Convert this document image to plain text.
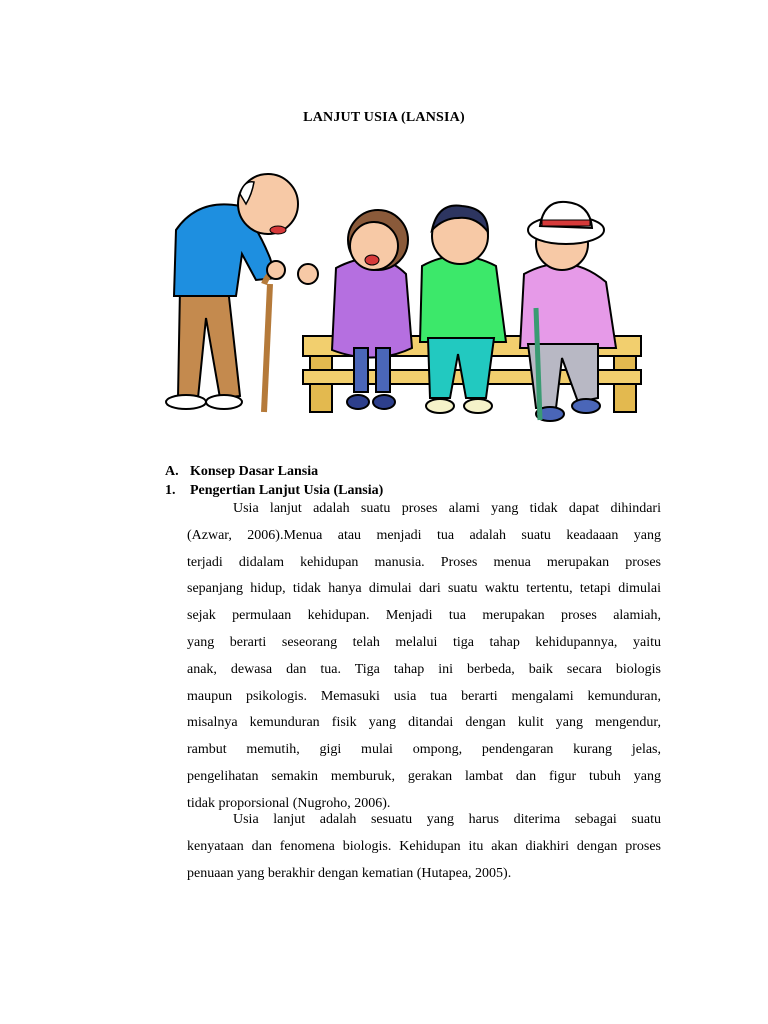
LANJUT USIA (LANSIA)
A. Konsep Dasar Lansia
1. Pengertian Lanjut Usia (Lansia)
Usia lanjut adalah suatu proses alami yang tidak dapat dihindari
(Azwar, 2006).Menua atau menjadi tua adalah suatu keadaaan yang
terjadi didalam kehidupan manusia. Proses menua merupakan proses
sepanjang hidup, tidak hanya dimulai dari suatu waktu tertentu, tetapi dimulai
sejak permulaan kehidupan. Menjadi tua merupakan proses alamiah,
yang berarti seseorang telah melalui tiga tahap kehidupannya, yaitu
anak, dewasa dan tua. Tiga tahap ini berbeda, baik secara biologis
maupun psikologis. Memasuki usia tua berarti mengalami kemunduran,
misalnya kemunduran fisik yang ditandai dengan kulit yang mengendur,
rambut memutih, gigi mulai ompong, pendengaran kurang jelas,
pengelihatan semakin memburuk, gerakan lambat dan figur tubuh yang
tidak proporsional (Nugroho, 2006).
Usia lanjut adalah sesuatu yang harus diterima sebagai suatu
kenyataan dan fenomena biologis. Kehidupan itu akan diakhiri dengan proses
penuaan yang berakhir dengan kematian (Hutapea, 2005).
